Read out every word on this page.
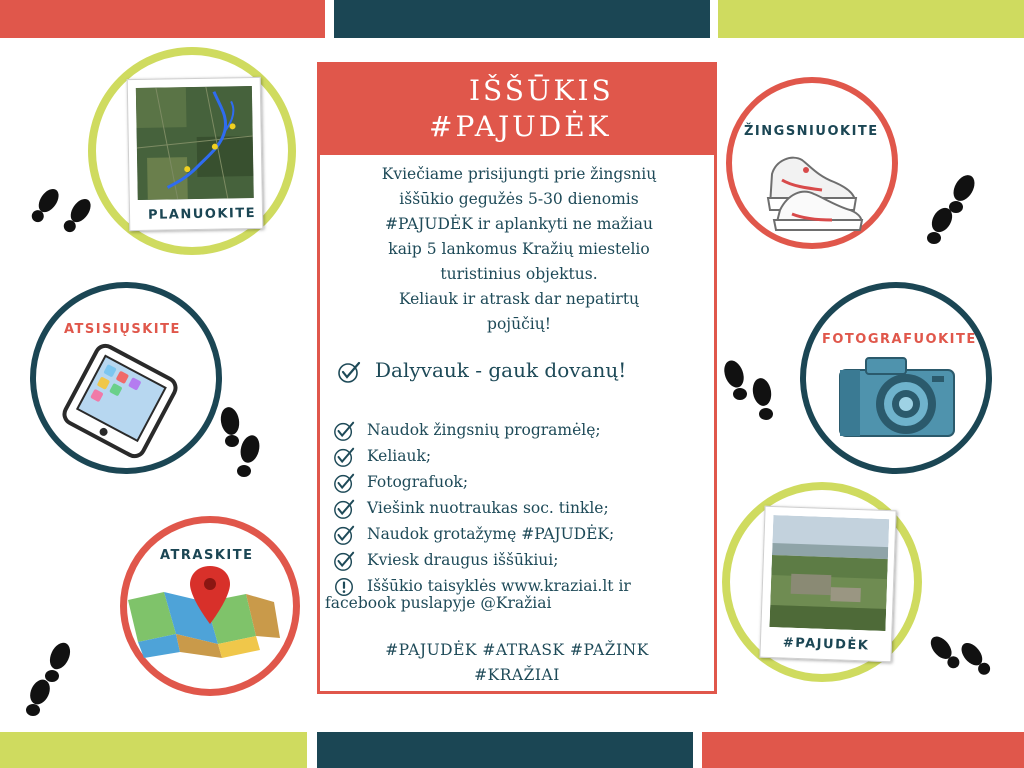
PLANUOKITE
ATSISIŲSKITE
ATRASKITE
ŽINGSNIUOKITE
FOTOGRAFUOKITE
#PAJUDĖK
IŠŠŪKIS
#PAJUDĖK
Kviečiame prisijungti prie žingsnių
iššūkio gegužės 5-30 dienomis
#PAJUDĖK ir aplankyti ne mažiau
kaip 5 lankomus Kražių miestelio
turistinius objektus.
Keliauk ir atrask dar nepatirtų
pojūčių!
Dalyvauk - gauk dovanų!
Naudok žingsnių programėlę;
Keliauk;
Fotografuok;
Viešink nuotraukas soc. tinkle;
Naudok grotažymę #PAJUDĖK;
Kviesk draugus iššūkiui;
Iššūkio taisyklės www.kraziai.lt ir
facebook puslapyje @Kražiai
#PAJUDĖK #ATRASK #PAŽINK
#KRAŽIAI
